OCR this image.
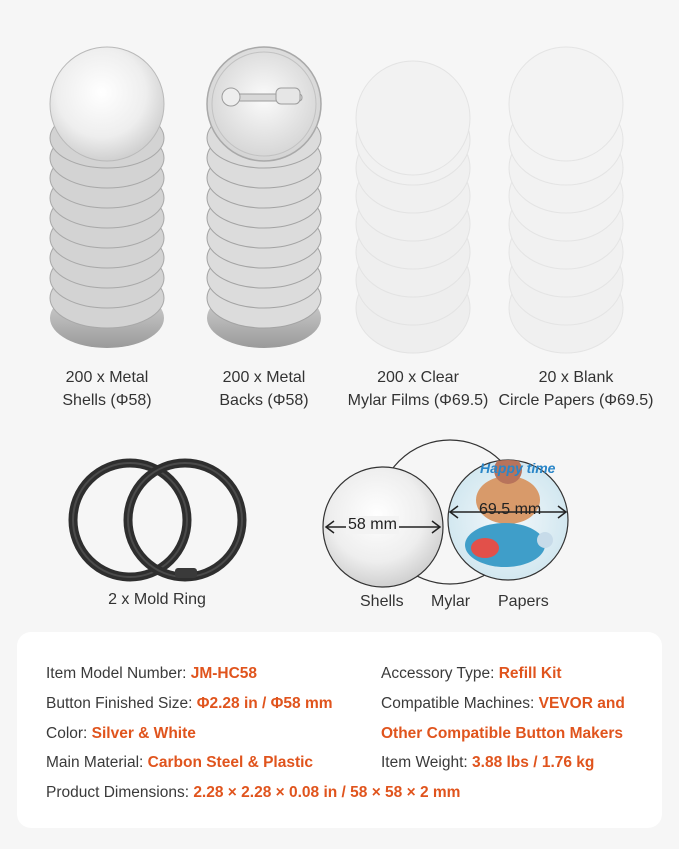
200 x Metal
Shells (Φ58)
200 x Metal
Backs (Φ58)
200 x Clear
Mylar Films (Φ69.5)
20 x Blank
Circle Papers (Φ69.5)
2 x Mold Ring
58 mm
69.5 mm
Happy time
Shells Mylar Papers
Item Model Number: JM-HC58
Button Finished Size: Φ2.28 in / Φ58 mm
Color: Silver & White
Main Material: Carbon Steel & Plastic
Product Dimensions: 2.28 × 2.28 × 0.08 in / 58 × 58 × 2 mm
Accessory Type: Refill Kit
Compatible Machines: VEVOR and
Other Compatible Button Makers
Item Weight: 3.88 lbs / 1.76 kg
